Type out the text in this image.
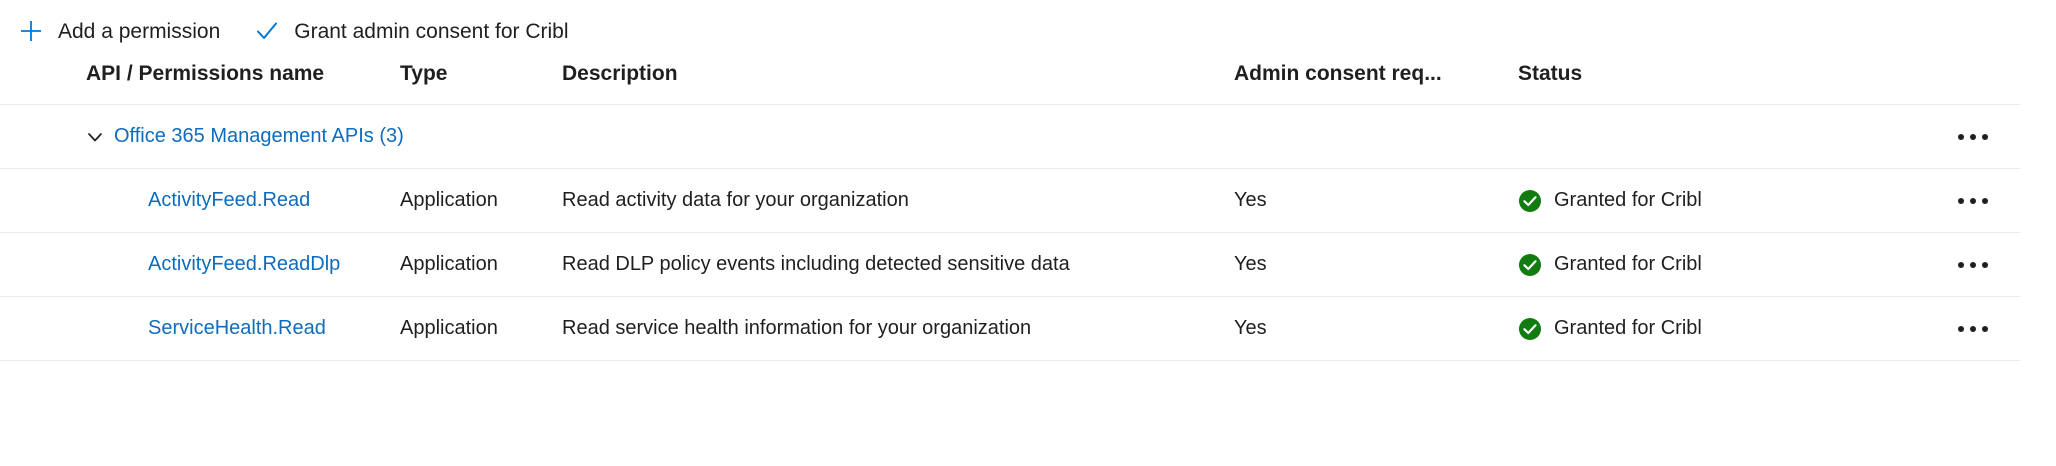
Add a permission	Grant admin consent for Cribl
API / Permissions name	Type	Description	Admin consent req...	Status	

Office 365 Management APIs (3)					

ActivityFeed.Read	Application	Read activity data for your organization	Yes	Granted for Cribl	

ActivityFeed.ReadDlp	Application	Read DLP policy events including detected sensitive data	Yes	Granted for Cribl	

ServiceHealth.Read	Application	Read service health information for your organization	Yes	Granted for Cribl	
